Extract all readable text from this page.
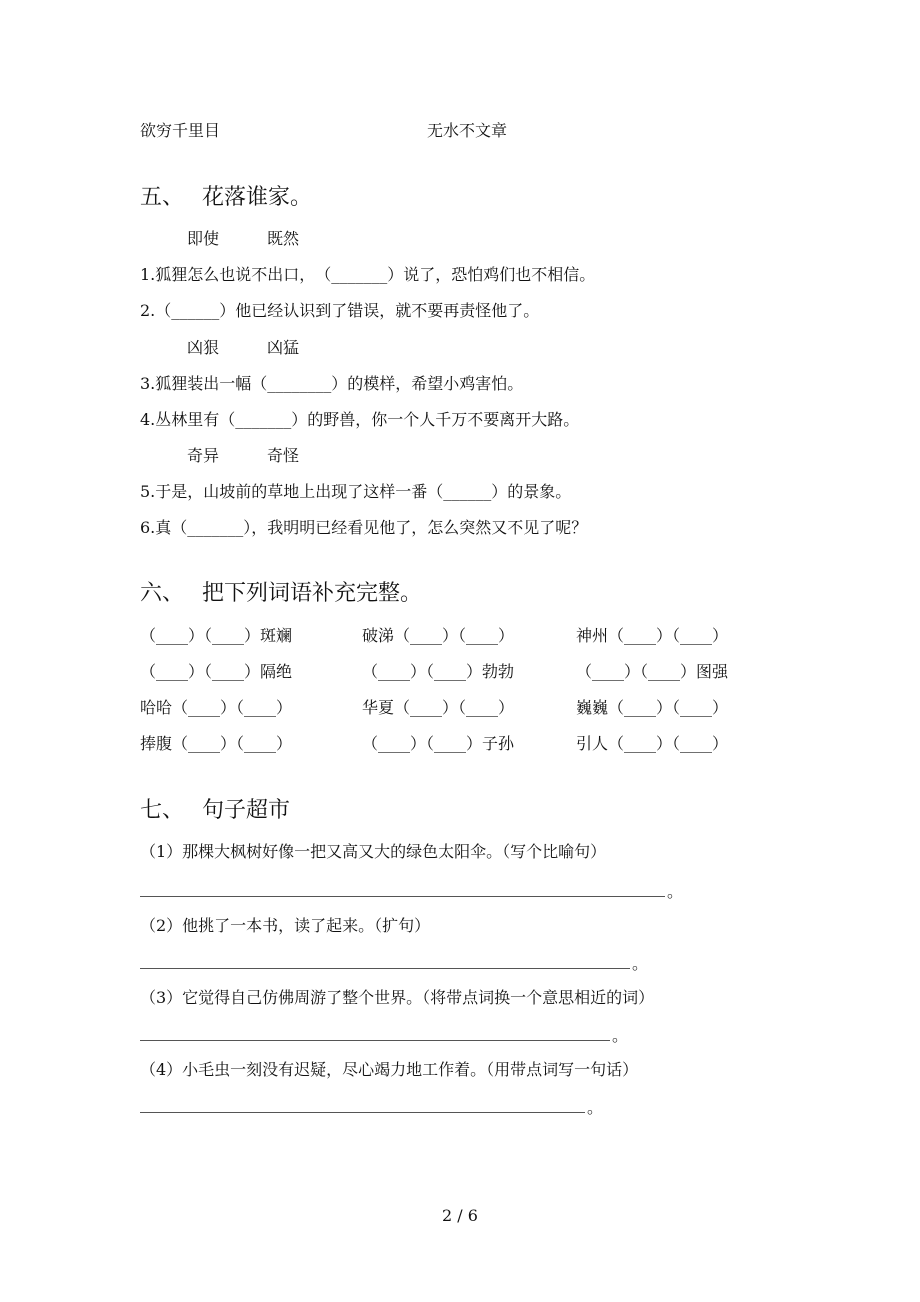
欲穷千里目	无水不文章
五、 花落谁家。
即使　　　既然
1.狐狸怎么也说不出口，　（_______）说了，恐怕鸡们也不相信。
2.（______）他已经认识到了错误，就不要再责怪他了。
凶狠　　　凶猛
3.狐狸装出一幅（________）的模样，希望小鸡害怕。
4.丛林里有（_______）的野兽，你一个人千万不要离开大路。
奇异　　　奇怪
5.于是，山坡前的草地上出现了这样一番（______）的景象。
6.真（_______），我明明已经看见他了，怎么突然又不见了呢？
六、 把下列词语补充完整。
（____）（____）斑斓	破涕（____）（____）	神州（____）（____）
（____）（____）隔绝	（____）（____）勃勃	（____）（____）图强
哈哈（____）（____）	华夏（____）（____）	巍巍（____）（____）
捧腹（____）（____）	（____）（____）子孙	引人（____）（____）
七、 句子超市
（1）那棵大枫树好像一把又高又大的绿色太阳伞。（写个比喻句）
。
（2）他挑了一本书，读了起来。（扩句）
。
（3）它觉得自己仿佛周游了整个世界。（将带点词换一个意思相近的词）
。
（4）小毛虫一刻没有迟疑，尽心竭力地工作着。（用带点词写一句话）
。
2 / 6
